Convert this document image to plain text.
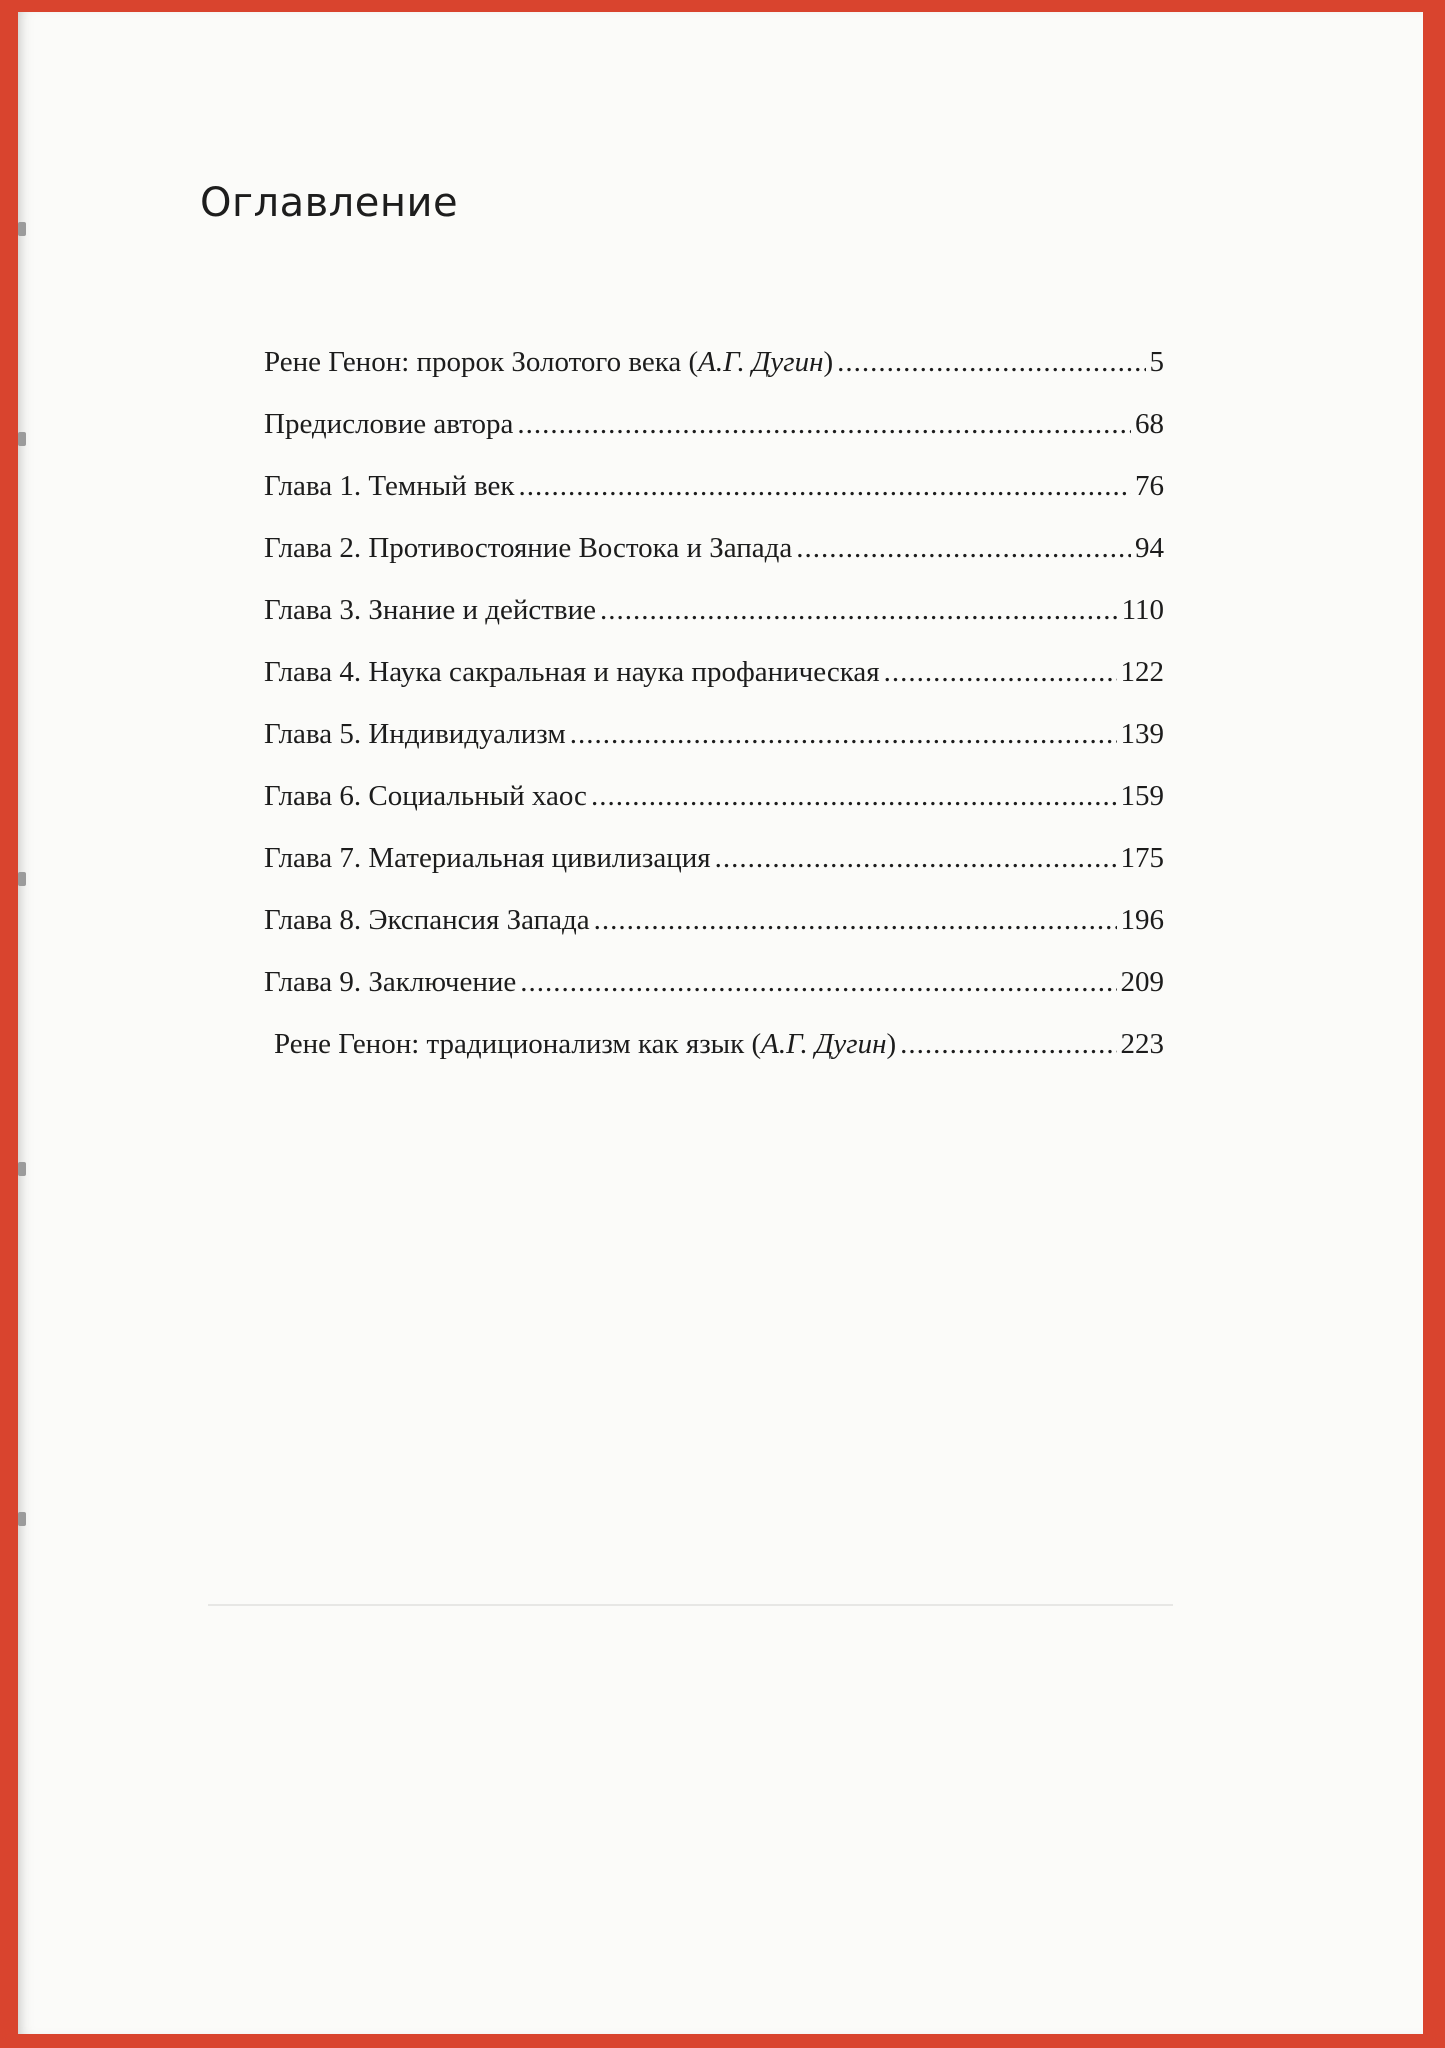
Оглавление
Рене Генон: пророк Золотого века (А.Г. Дугин) .....	5
Предисловие автора .....	68
Глава 1. Темный век .....	76
Глава 2. Противостояние Востока и Запада .....	94
Глава 3. Знание и действие .....	110
Глава 4. Наука сакральная и наука профаническая .....	122
Глава 5. Индивидуализм .....	139
Глава 6. Социальный хаос .....	159
Глава 7. Материальная цивилизация .....	175
Глава 8. Экспансия Запада .....	196
Глава 9. Заключение .....	209
Рене Генон: традиционализм как язык (А.Г. Дугин) .....	223
